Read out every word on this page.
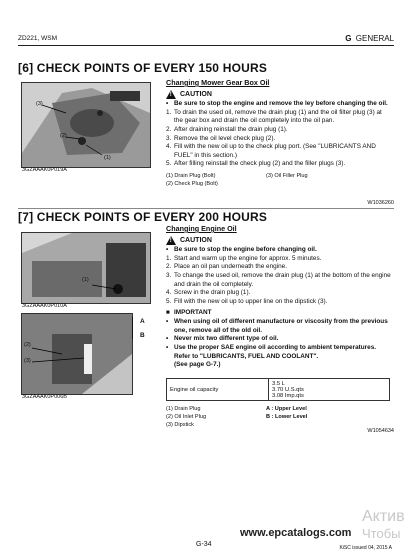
ZD221, WSM	G GENERAL
[6] CHECK POINTS OF EVERY 150 HOURS
(3)
(2)
(1)
3GZAAAK0P019A
Changing Mower Gear Box Oil
!
CAUTION
• Be sure to stop the engine and remove the ley before changing the oil.
1. To drain the used oil, remove the drain plug (1) and the oil filter plug (3) at the gear box and drain the oil completely into the oil pan.
2. After draining reinstall the drain plug (1).
3. Remove the oil level check plug (2).
4. Fill with the new oil up to the check plug port. (See "LUBRICANTS AND FUEL" in this section.)
5. After filling reinstall the check plug (2) and the filler plugs (3).
(1) Drain Plug (Bolt)
(2) Check Plug (Bolt)
(3) Oil Filler Plug
W1036260
[7] CHECK POINTS OF EVERY 200 HOURS
(1)
3GZAAAK0P010A
(2)
(3)
A
B
3GZAAAK0P006B
Changing Engine Oil
!
CAUTION
• Be sure to stop the engine before changing oil.
1. Start and warm up the engine for approx. 5 minutes.
2. Place an oil pan underneath the engine.
3. To change the used oil, remove the drain plug (1) at the bottom of the engine and drain the oil completely.
4. Screw in the drain plug (1).
5. Fill with the new oil up to upper line on the dipstick (3).
■ IMPORTANT
• When using oil of different manufacture or viscosity from the previous one, remove all of the old oil.
• Never mix two different type of oil.
• Use the proper SAE engine oil according to ambient temperatures.
Refer to "LUBRICANTS, FUEL AND COOLANT".
(See page G-7.)
Engine oil capacity	
3.5 L
3.70 U.S.qts
3.08 Imp.qts
(1) Drain Plug
(2) Oil Inlet Plug
(3) Dipstick
A : Upper Level
B : Lower Level
W1054634
Актив
www.epcatalogs.com Чтобы
G-34	KiSC issued 04, 2015 A
